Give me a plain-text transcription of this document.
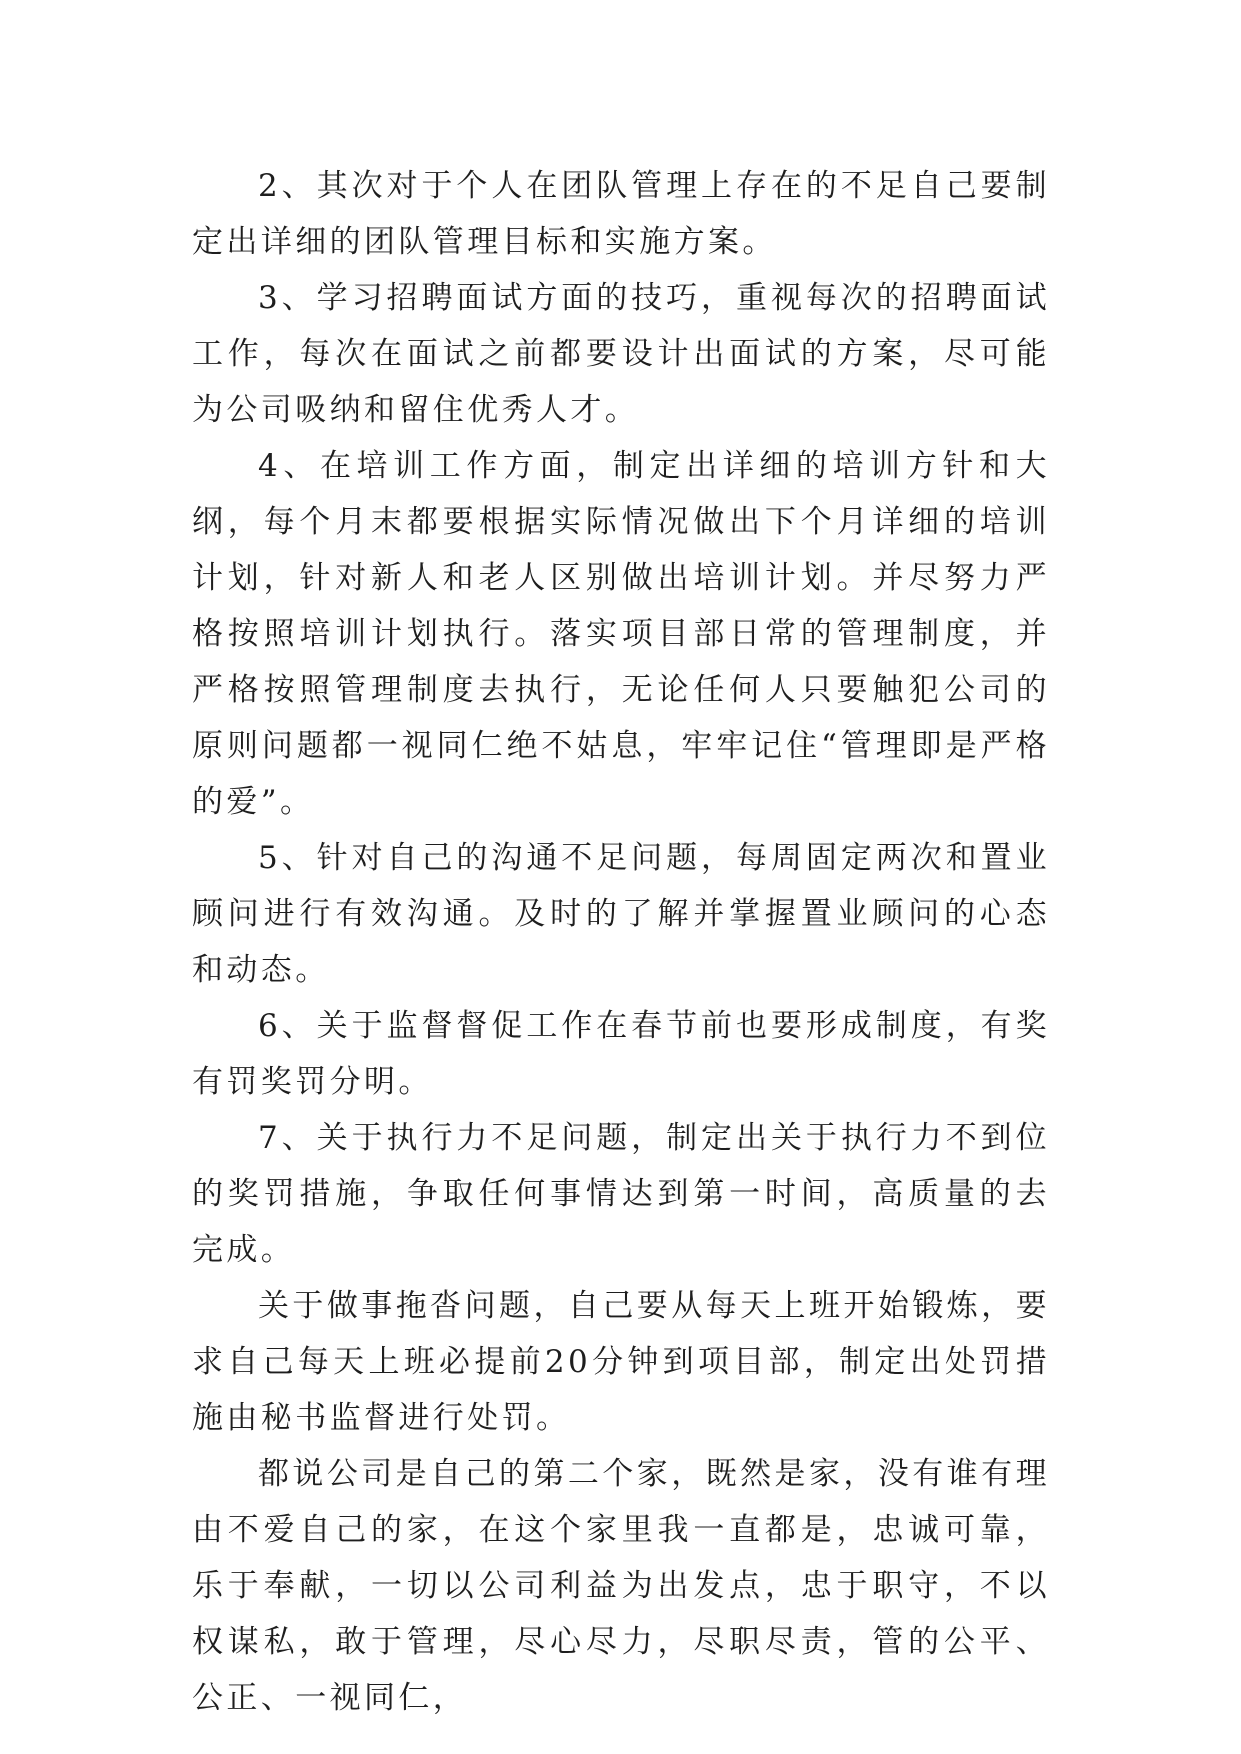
2、其次对于个人在团队管理上存在的不足自己要制定出详细的团队管理目标和实施方案。

3、学习招聘面试方面的技巧，重视每次的招聘面试工作，每次在面试之前都要设计出面试的方案，尽可能为公司吸纳和留住优秀人才。

4、在培训工作方面，制定出详细的培训方针和大纲，每个月末都要根据实际情况做出下个月详细的培训计划，针对新人和老人区别做出培训计划。并尽努力严格按照培训计划执行。落实项目部日常的管理制度，并严格按照管理制度去执行，无论任何人只要触犯公司的原则问题都一视同仁绝不姑息，牢牢记住“管理即是严格的爱”。

5、针对自己的沟通不足问题，每周固定两次和置业顾问进行有效沟通。及时的了解并掌握置业顾问的心态和动态。

6、关于监督督促工作在春节前也要形成制度，有奖有罚奖罚分明。

7、关于执行力不足问题，制定出关于执行力不到位的奖罚措施，争取任何事情达到第一时间，高质量的去完成。

关于做事拖沓问题，自己要从每天上班开始锻炼，要求自己每天上班必提前20分钟到项目部，制定出处罚措施由秘书监督进行处罚。

都说公司是自己的第二个家，既然是家，没有谁有理由不爱自己的家，在这个家里我一直都是，忠诚可靠，乐于奉献，一切以公司利益为出发点，忠于职守，不以权谋私，敢于管理，尽心尽力，尽职尽责，管的公平、公正、一视同仁，
